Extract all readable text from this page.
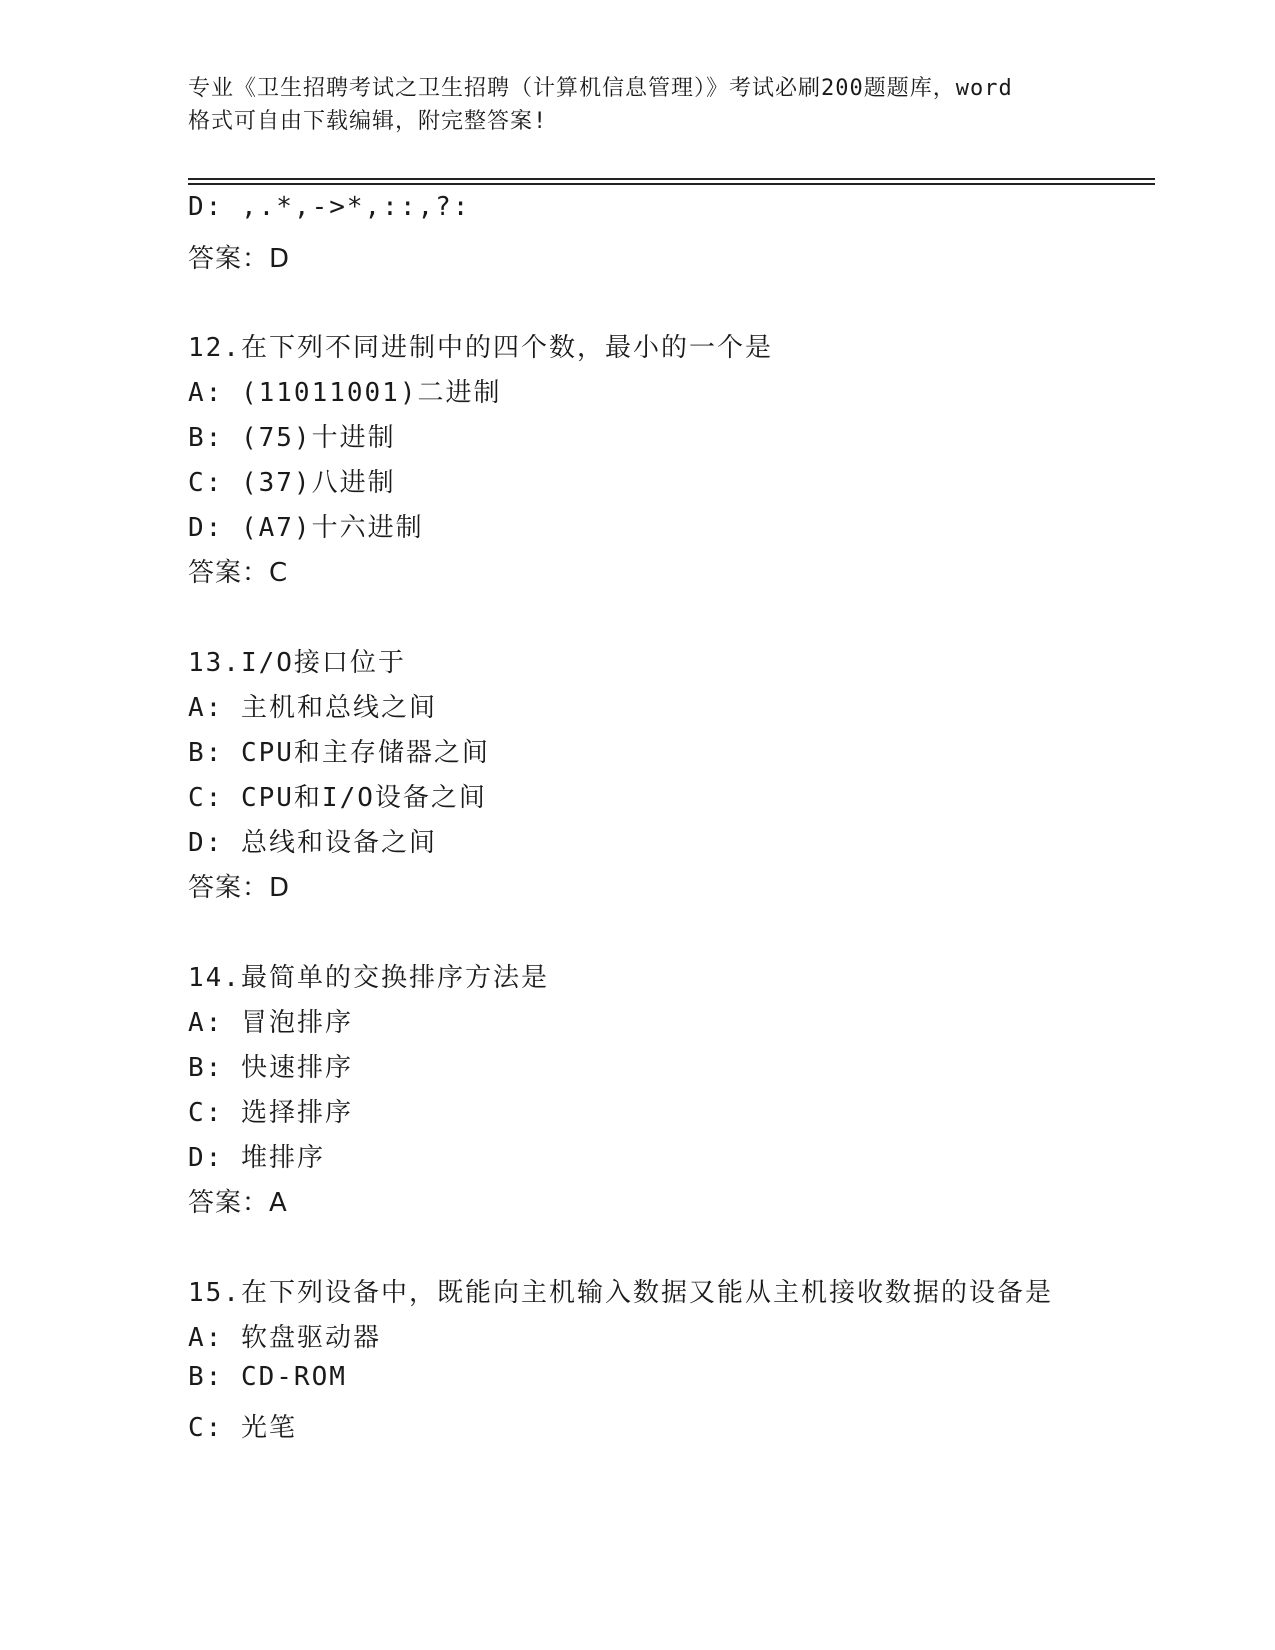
专业《卫生招聘考试之卫生招聘（计算机信息管理）》考试必刷200题题库，word
格式可自由下载编辑，附完整答案!
D: ,.*,->*,::,?:
答案：D
12.在下列不同进制中的四个数，最小的一个是
A: (11011001)二进制
B: (75)十进制
C: (37)八进制
D: (A7)十六进制
答案：C
13.I/O接口位于
A: 主机和总线之间
B: CPU和主存储器之间
C: CPU和I/O设备之间
D: 总线和设备之间
答案：D
14.最简单的交换排序方法是
A: 冒泡排序
B: 快速排序
C: 选择排序
D: 堆排序
答案：A
15.在下列设备中，既能向主机输入数据又能从主机接收数据的设备是
A: 软盘驱动器
B: CD-ROM
C: 光笔
